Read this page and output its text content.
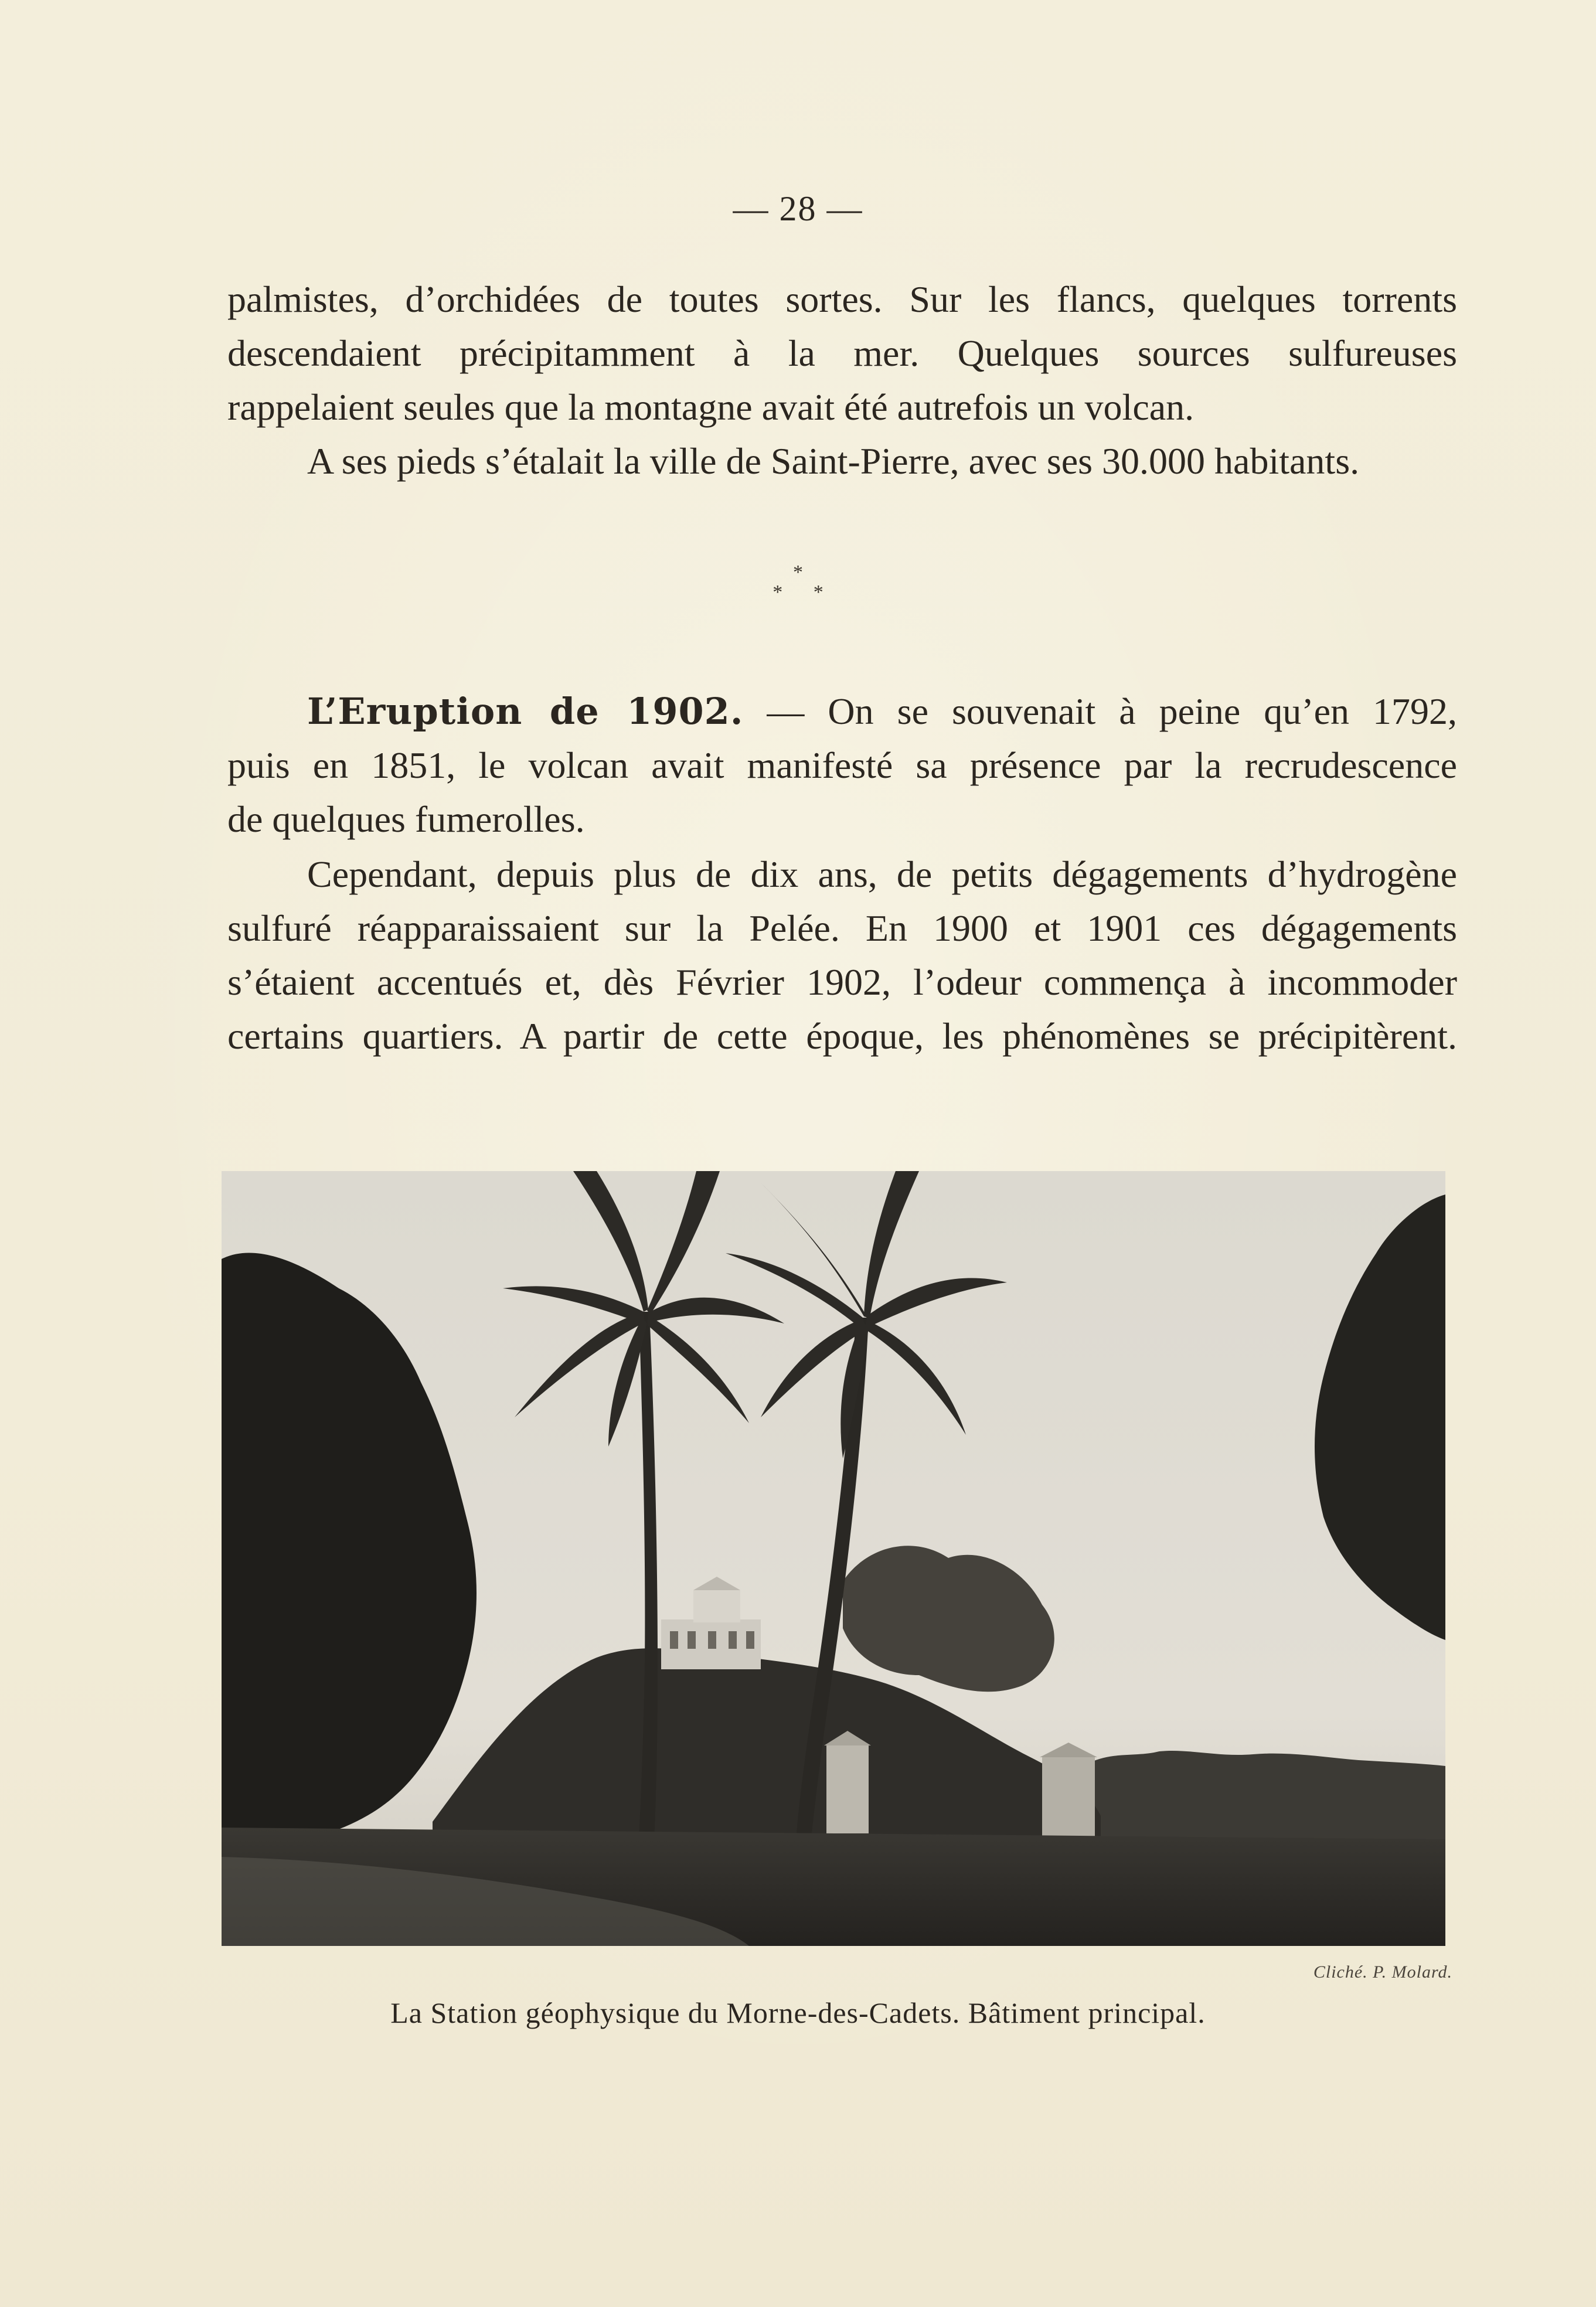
— 28 —

palmistes, d’orchidées de toutes sortes. Sur les flancs, quelques torrents

descendaient précipitamment à la mer. Quelques sources sulfureuses

rappelaient seules que la montagne avait été autrefois un volcan.

A ses pieds s’étalait la ville de Saint-Pierre, avec ses 30.000 habitants.

*
* *

L’Eruption de 1902. — On se souvenait à peine qu’en 1792,

puis en 1851, le volcan avait manifesté sa présence par la recrudescence

de quelques fumerolles.

Cependant, depuis plus de dix ans, de petits dégagements d’hydrogène

sulfuré réapparaissaient sur la Pelée. En 1900 et 1901 ces dégagements

s’étaient accentués et, dès Février 1902, l’odeur commença à incommoder

certains quartiers. A partir de cette époque, les phénomènes se précipitèrent.

Cliché. P. Molard.
La Station géophysique du Morne-des-Cadets. Bâtiment principal.
